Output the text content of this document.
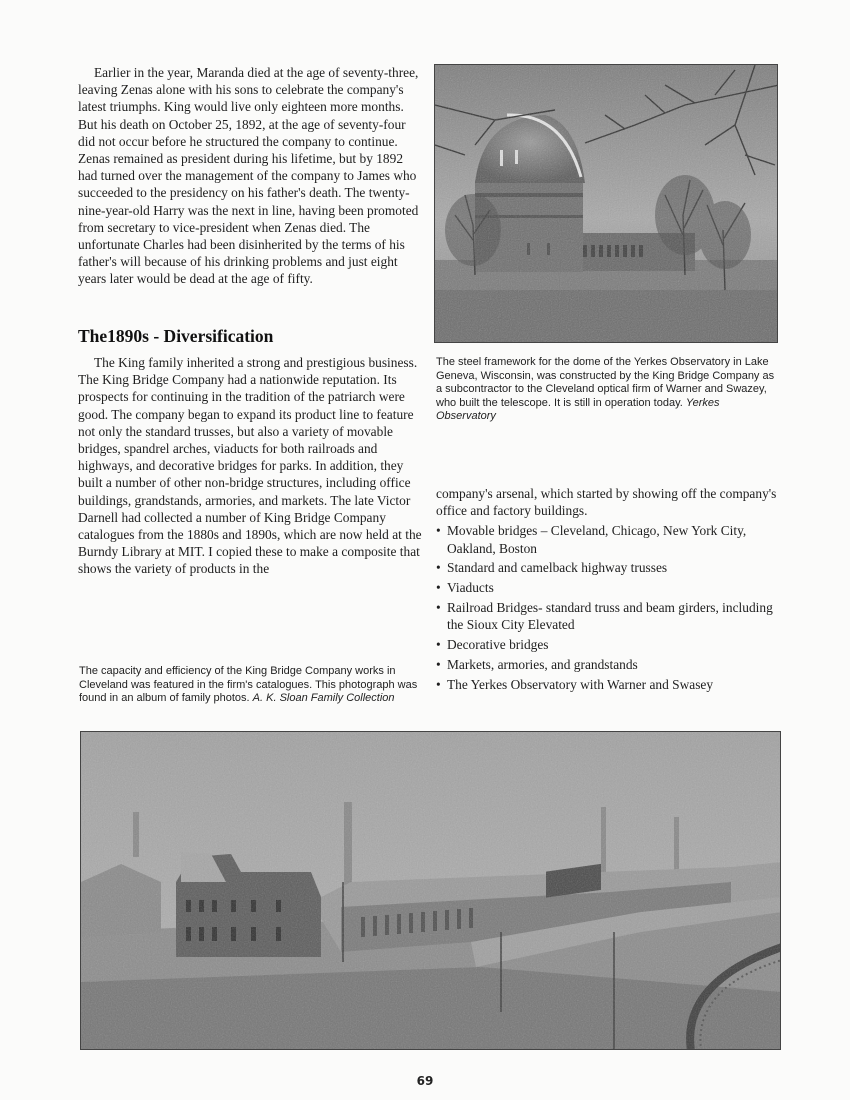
Earlier in the year, Maranda died at the age of seventy-three, leaving Zenas alone with his sons to celebrate the company's latest triumphs. King would live only eighteen more months. But his death on October 25, 1892, at the age of seventy-four did not occur before he structured the company to continue. Zenas remained as president during his lifetime, but by 1892 had turned over the management of the company to James who succeeded to the presidency on his father's death. The twenty-nine-year-old Harry was the next in line, having been promoted from secretary to vice-president when Zenas died. The unfortunate Charles had been disinherited by the terms of his father's will because of his drinking problems and just eight years later would be dead at the age of fifty.

The1890s - Diversification

The King family inherited a strong and prestigious business. The King Bridge Company had a nationwide reputation. Its prospects for continuing in the tradition of the patriarch were good. The company began to expand its product line to feature not only the standard trusses, but also a variety of movable bridges, spandrel arches, viaducts for both railroads and highways, and decorative bridges for parks. In addition, they built a number of other non-bridge structures, including office buildings, grandstands, armories, and markets. The late Victor Darnell had collected a number of King Bridge Company catalogues from the 1880s and 1890s, which are now held at the Burndy Library at MIT. I copied these to make a composite that shows the variety of products in the

The capacity and efficiency of the King Bridge Company works in Cleveland was featured in the firm's catalogues. This photograph was found in an album of family photos. A. K. Sloan Family Collection
The steel framework for the dome of the Yerkes Observatory in Lake Geneva, Wisconsin, was constructed by the King Bridge Company as a subcontractor to the Cleveland optical firm of Warner and Swazey, who built the telescope. It is still in operation today. Yerkes Observatory

company's arsenal, which started by showing off the company's office and factory buildings.

• Movable bridges – Cleveland, Chicago, New York City, Oakland, Boston
• Standard and camelback highway trusses
• Viaducts
• Railroad Bridges- standard truss and beam girders, including the Sioux City Elevated
• Decorative bridges
• Markets, armories, and grandstands
• The Yerkes Observatory with Warner and Swasey
69
